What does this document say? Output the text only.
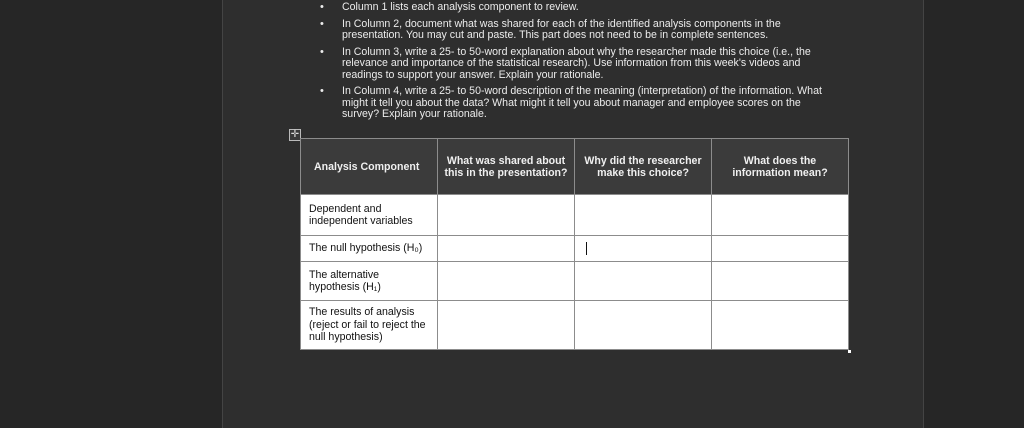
• Column 1 lists each analysis component to review.
• In Column 2, document what was shared for each of the identified analysis components in the presentation. You may cut and paste. This part does not need to be in complete sentences.
• In Column 3, write a 25- to 50-word explanation about why the researcher made this choice (i.e., the relevance and importance of the statistical research). Use information from this week's videos and readings to support your answer. Explain your rationale.
• In Column 4, write a 25- to 50-word description of the meaning (interpretation) of the information. What might it tell you about the data? What might it tell you about manager and employee scores on the survey? Explain your rationale.
✛
Analysis Component	What was shared about this in the presentation?	Why did the researcher make this choice?	What does the information mean?
Dependent and independent variables			
The null hypothesis (H₀)			
The alternative hypothesis (H₁)			
The results of analysis (reject or fail to reject the null hypothesis)			
